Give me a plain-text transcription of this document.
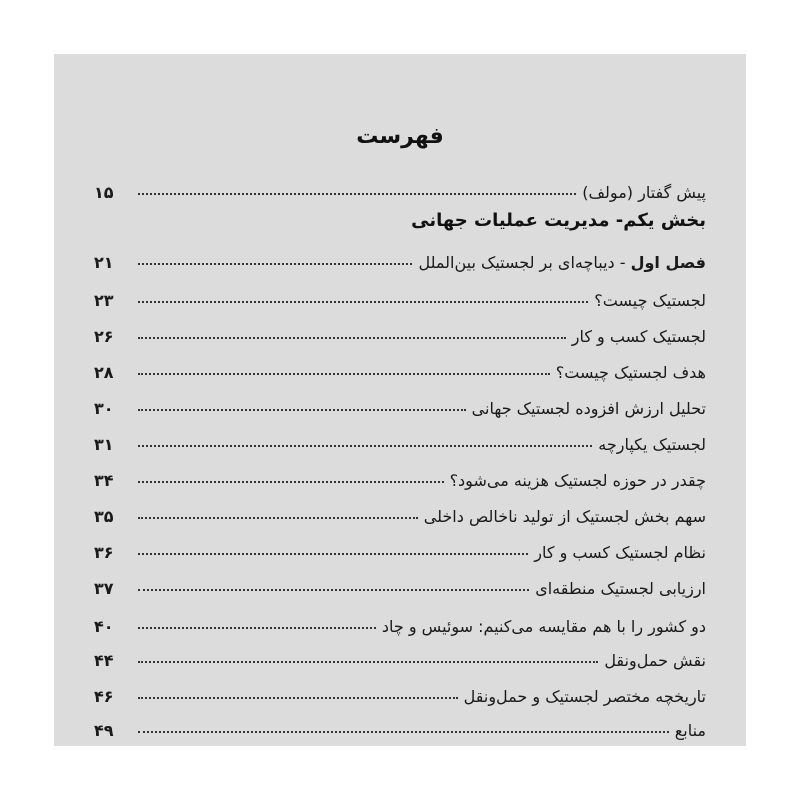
فهرست
پیش گفتار (مولف)
۱۵
بخش یکم- مدیریت عملیات جهانی
فصل اول - دیباچه‌ای بر لجستیک بین‌الملل
۲۱
لجستیک چیست؟
۲۳
لجستیک کسب و کار
۲۶
هدف لجستیک چیست؟
۲۸
تحلیل ارزش افزوده لجستیک جهانی
۳۰
لجستیک یکپارچه
۳۱
چقدر در حوزه لجستیک هزینه می‌شود؟
۳۴
سهم بخش لجستیک از تولید ناخالص داخلی
۳۵
نظام لجستیک کسب و کار
۳۶
ارزیابی لجستیک منطقه‌ای
۳۷
دو کشور را با هم مقایسه می‌کنیم: سوئیس و چاد
۴۰
نقش حمل‌ونقل
۴۴
تاریخچه مختصر لجستیک و حمل‌ونقل
۴۶
منابع
۴۹
